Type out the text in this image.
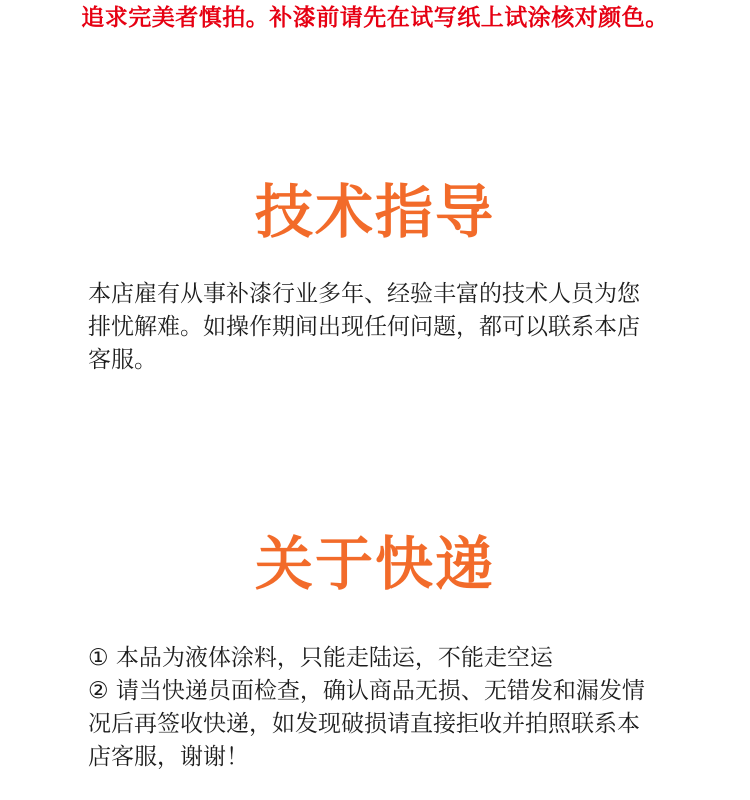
追求完美者慎拍。补漆前请先在试写纸上试涂核对颜色。
技术指导
本店雇有从事补漆行业多年、经验丰富的技术人员为您
排忧解难。如操作期间出现任何问题，都可以联系本店
客服。
关于快递
① 本品为液体涂料，只能走陆运，不能走空运
② 请当快递员面检查，确认商品无损、无错发和漏发情
况后再签收快递，如发现破损请直接拒收并拍照联系本
店客服，谢谢！
